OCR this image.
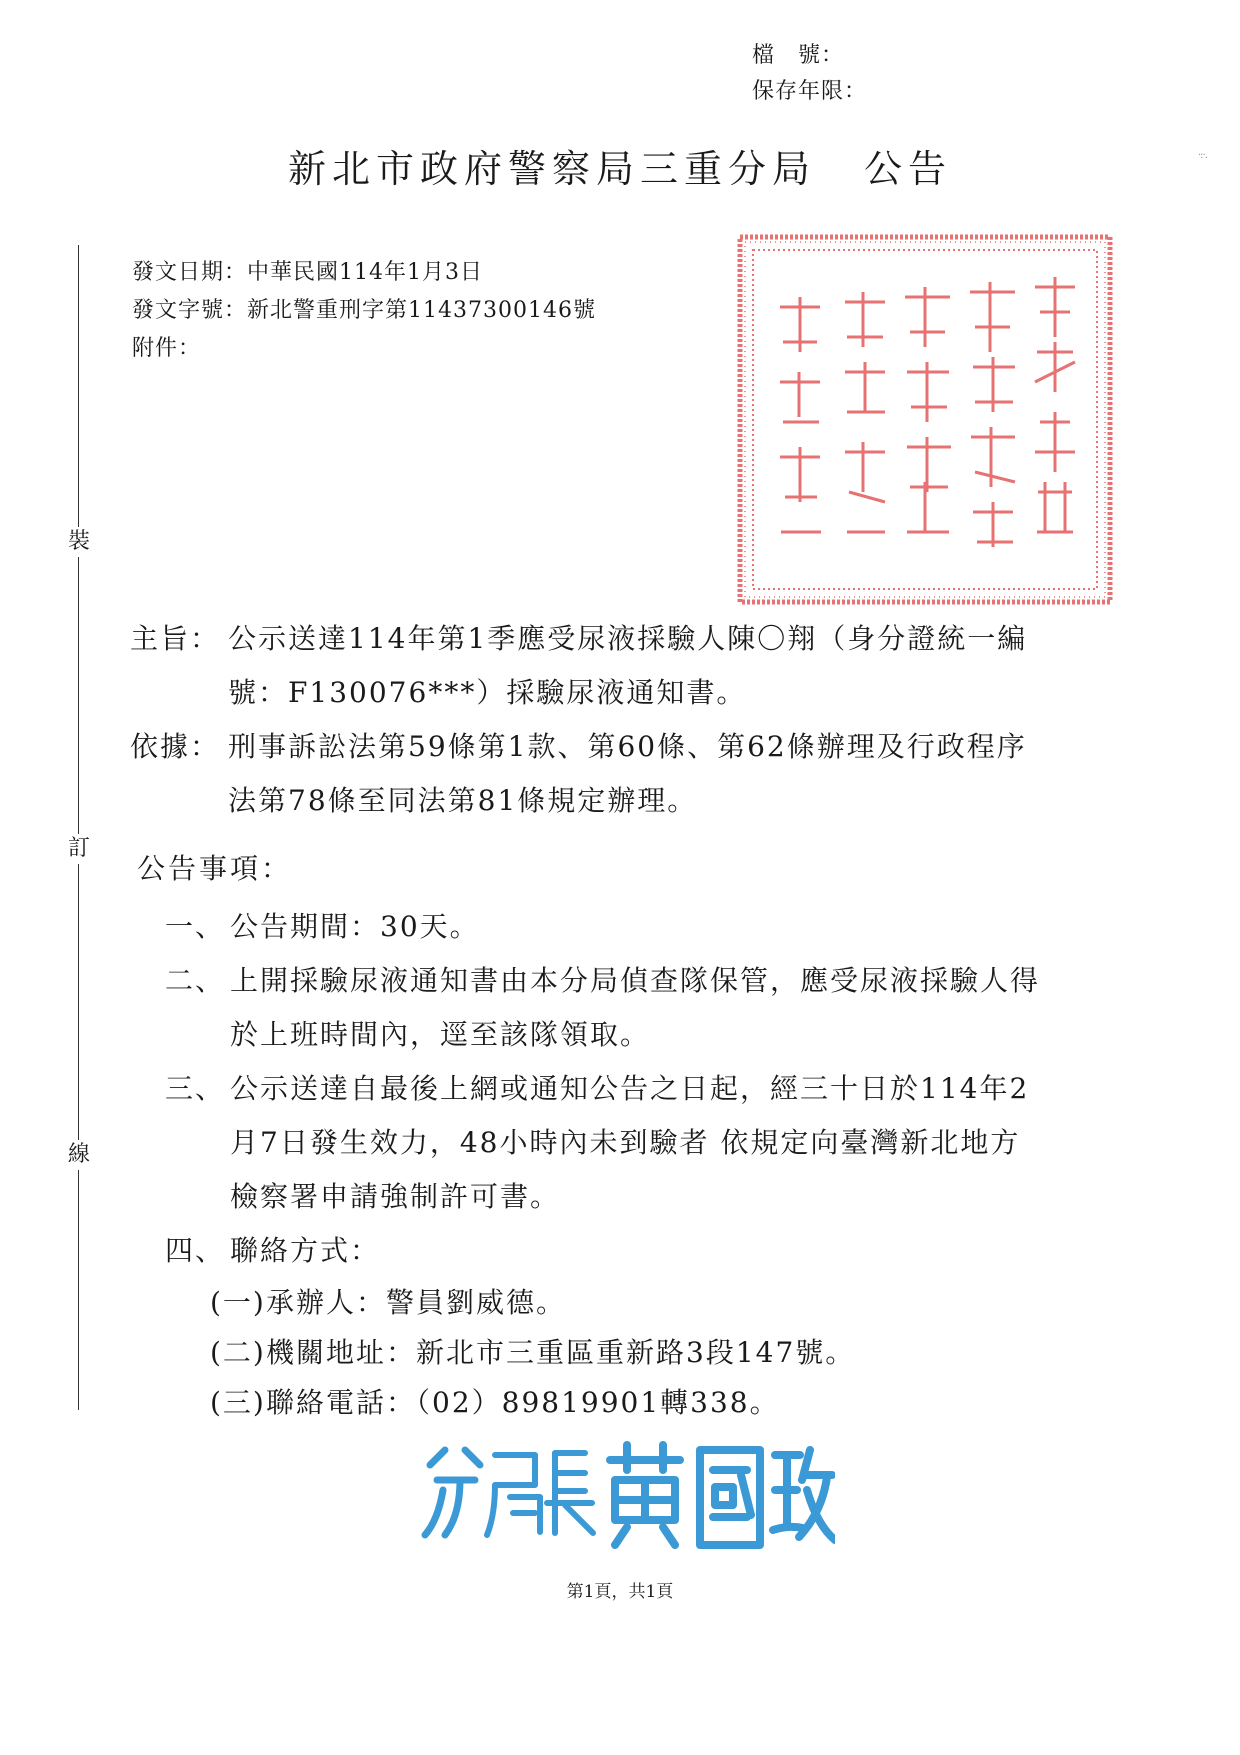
檔　號：
保存年限：
·:·.
新北市政府警察局三重分局 公告
裝
訂
線
發文日期：中華民國114年1月3日
發文字號：新北警重刑字第11437300146號
附件：
主旨： 公示送達114年第1季應受尿液採驗人陳〇翔（身分證統一編號：F130076***）採驗尿液通知書。
依據： 刑事訴訟法第59條第1款、第60條、第62條辦理及行政程序法第78條至同法第81條規定辦理。
公告事項：
一、 公告期間：30天。
二、 上開採驗尿液通知書由本分局偵查隊保管，應受尿液採驗人得於上班時間內，逕至該隊領取。
三、 公示送達自最後上網或通知公告之日起，經三十日於114年2月7日發生效力，48小時內未到驗者 依規定向臺灣新北地方檢察署申請強制許可書。
四、 聯絡方式：
(一) 承辦人：警員劉威德。
(二) 機關地址：新北市三重區重新路3段147號。
(三) 聯絡電話：（02）89819901轉338。
第1頁，共1頁
